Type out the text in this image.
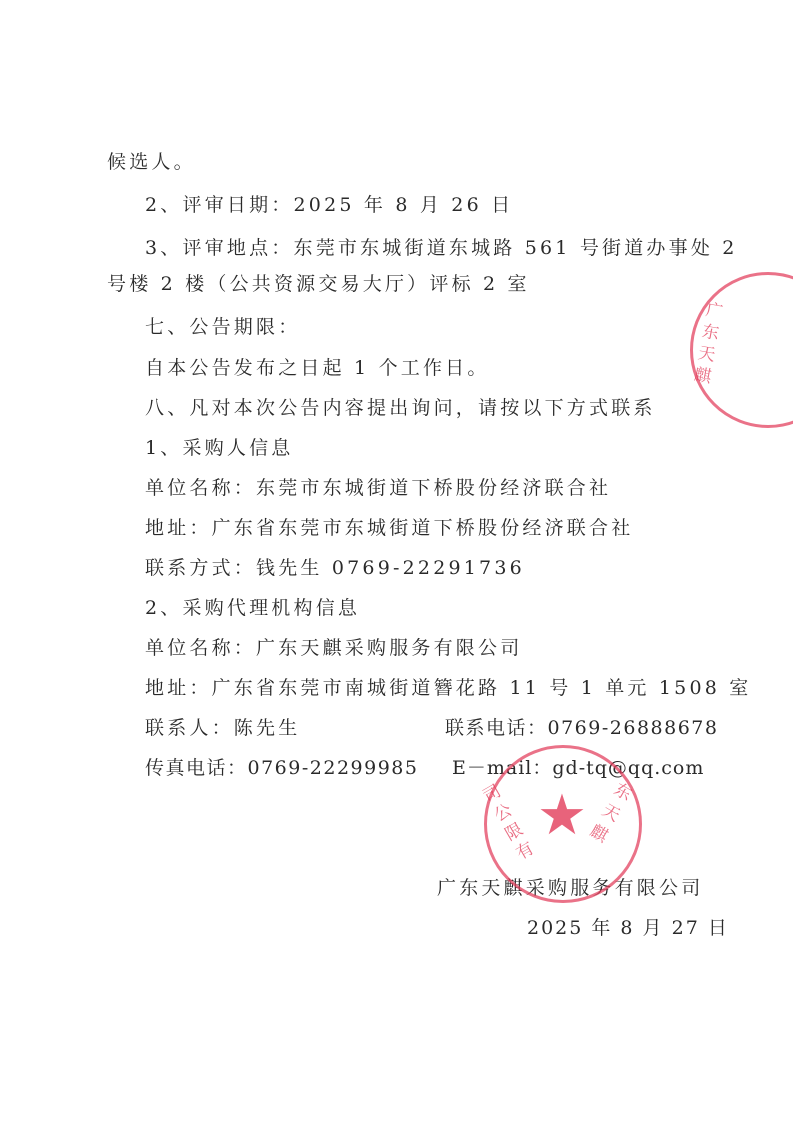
候选人。
2、评审日期：2025 年 8 月 26 日
3、评审地点：东莞市东城街道东城路 561 号街道办事处 2
号楼 2 楼（公共资源交易大厅）评标 2 室
七、公告期限：
自本公告发布之日起 1 个工作日。
八、凡对本次公告内容提出询问，请按以下方式联系
1、采购人信息
单位名称：东莞市东城街道下桥股份经济联合社
地址：广东省东莞市东城街道下桥股份经济联合社
联系方式：钱先生 0769-22291736
2、采购代理机构信息
单位名称：广东天麒采购服务有限公司
地址：广东省东莞市南城街道簪花路 11 号 1 单元 1508 室
联系人：陈先生	联系电话：0769-26888678
传真电话：0769-22299985 E－mail：gd-tq@qq.com
广东天麒采购服务有限公司
2025 年 8 月 27 日
广东天麒
★
司公限有
东天麒
